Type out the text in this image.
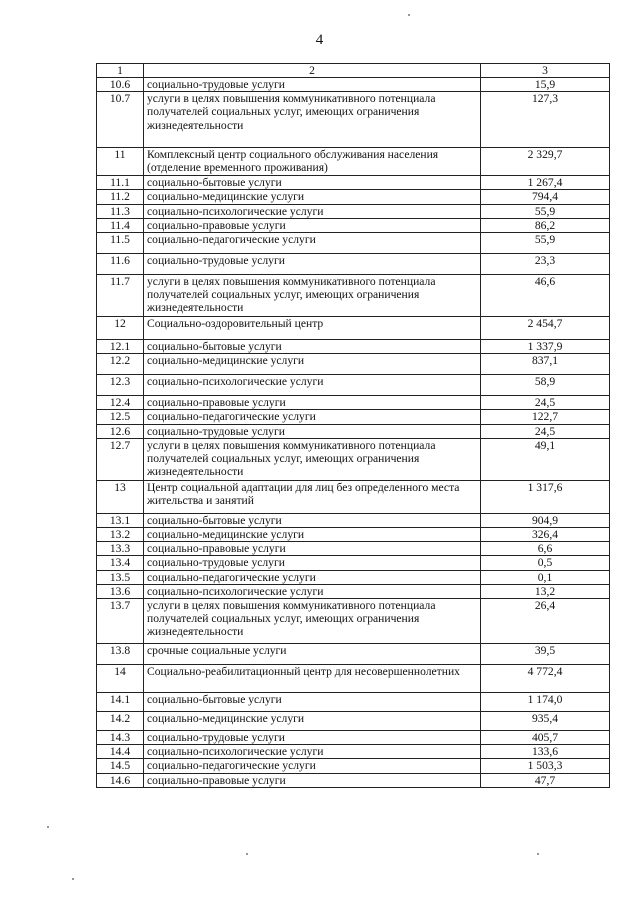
4
1	2	3
10.6	социально-трудовые услуги	15,9
10.7	услуги в целях повышения коммуникативного потенциала получателей социальных услуг, имеющих ограничения жизнедеятельности	127,3
11	Комплексный центр социального обслуживания населения (отделение временного проживания)	2 329,7
11.1	социально-бытовые услуги	1 267,4
11.2	социально-медицинские услуги	794,4
11.3	социально-психологические услуги	55,9
11.4	социально-правовые услуги	86,2
11.5	социально-педагогические услуги	55,9
11.6	социально-трудовые услуги	23,3
11.7	услуги в целях повышения коммуникативного потенциала получателей социальных услуг, имеющих ограничения жизнедеятельности	46,6
12	Социально-оздоровительный центр	2 454,7
12.1	социально-бытовые услуги	1 337,9
12.2	социально-медицинские услуги	837,1
12.3	социально-психологические услуги	58,9
12.4	социально-правовые услуги	24,5
12.5	социально-педагогические услуги	122,7
12.6	социально-трудовые услуги	24,5
12.7	услуги в целях повышения коммуникативного потенциала получателей социальных услуг, имеющих ограничения жизнедеятельности	49,1
13	Центр социальной адаптации для лиц без определенного места жительства и занятий	1 317,6
13.1	социально-бытовые услуги	904,9
13.2	социально-медицинские услуги	326,4
13.3	социально-правовые услуги	6,6
13.4	социально-трудовые услуги	0,5
13.5	социально-педагогические услуги	0,1
13.6	социально-психологические услуги	13,2
13.7	услуги в целях повышения коммуникативного потенциала получателей социальных услуг, имеющих ограничения жизнедеятельности	26,4
13.8	срочные социальные услуги	39,5
14	Социально-реабилитационный центр для несовершеннолетних	4 772,4
14.1	социально-бытовые услуги	1 174,0
14.2	социально-медицинские услуги	935,4
14.3	социально-трудовые услуги	405,7
14.4	социально-психологические услуги	133,6
14.5	социально-педагогические услуги	1 503,3
14.6	социально-правовые услуги	47,7
